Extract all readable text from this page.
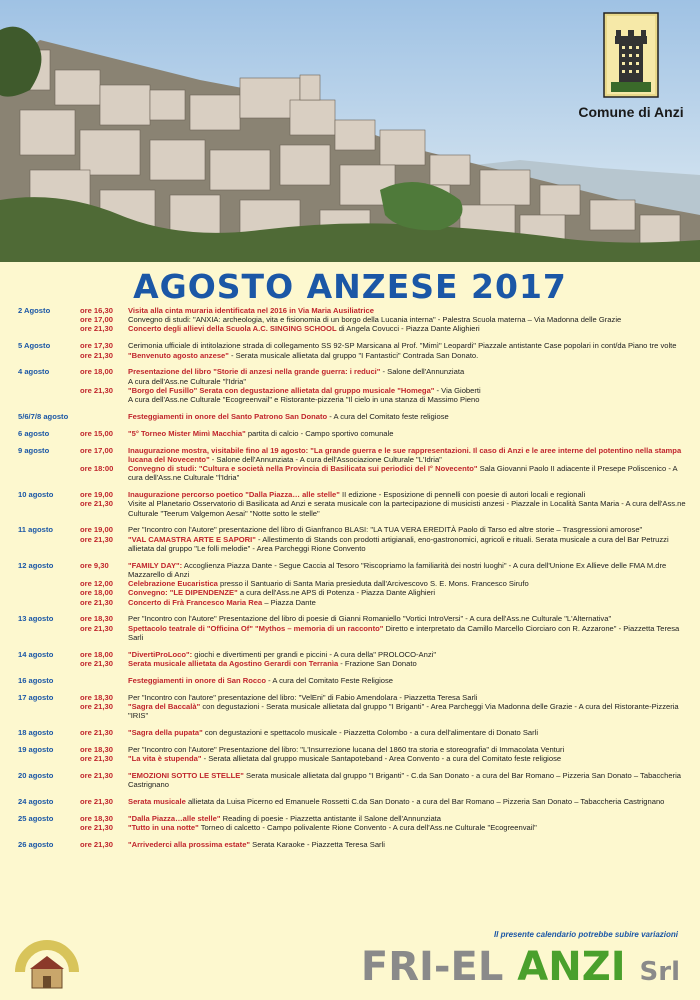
Comune di Anzi
AGOSTO ANZESE 2017
2 Agosto	ore 16,30	Visita alla cinta muraria identificata nel 2016 in Via Maria Ausiliatrice
ore 17,00	Convegno di studi: "ANXIA: archeologia, vita e fisionomia di un borgo della Lucania interna" - Palestra Scuola materna – Via Madonna delle Grazie
ore 21,30	Concerto degli allievi della Scuola A.C. SINGING SCHOOL di Angela Covucci - Piazza Dante Alighieri
5 Agosto	ore 17,30	Cerimonia ufficiale di intitolazione strada di collegamento SS 92-SP Marsicana al Prof. "Mimì" Leopardi" Piazzale antistante Case popolari in cont/da Piano tre volte
ore 21,30	"Benvenuto agosto anzese" - Serata musicale allietata dal gruppo "I Fantastici" Contrada San Donato.
4 agosto	ore 18,00	Presentazione del libro "Storie di anzesi nella grande guerra: i reduci" - Salone dell'Annunziata
A cura dell'Ass.ne Culturale "l'Idria"
ore 21,30	"Borgo del Fusillo" Serata con degustazione allietata dal gruppo musicale "Homega" - Via Gioberti
A cura dell'Ass.ne Culturale "Ecogreenvail" e Ristorante-pizzeria "Il cielo in una stanza di Massimo Pieno
5/6/7/8 agosto	Festeggiamenti in onore del Santo Patrono San Donato - A cura del Comitato feste religiose
6 agosto	ore 15,00	"5° Torneo Mister Mimì Macchia" partita di calcio - Campo sportivo comunale
9 agosto	ore 17,00	Inaugurazione mostra, visitabile fino al 19 agosto: "La grande guerra e le sue rappresentazioni. Il caso di Anzi e le aree interne del potentino nella stampa lucana del Novecento" - Salone dell'Annunziata - A cura dell'Associazione Culturale "L'Idria"
ore 18:00	Convegno di studi: "Cultura e società nella Provincia di Basilicata sui periodici del I° Novecento" Sala Giovanni Paolo II adiacente il Presepe Poliscenico - A cura dell'Ass.ne Culturale "l'Idria"
10 agosto	ore 19,00	Inaugurazione percorso poetico "Dalla Piazza… alle stelle" II edizione - Esposizione di pennelli con poesie di autori locali e regionali
ore 21,30	Visite al Planetario Osservatorio di Basilicata ad Anzi e serata musicale con la partecipazione di musicisti anzesi - Piazzale in Località Santa Maria - A cura dell'Ass.ne Culturale "Teerum Valgemon Aesai" "Notte sotto le stelle"
11 agosto	ore 19,00	Per "Incontro con l'Autore" presentazione del libro di Gianfranco BLASI: "LA TUA VERA EREDITÀ Paolo di Tarso ed altre storie – Trasgressioni amorose"
ore 21,30	"VAL CAMASTRA ARTE E SAPORI" - Allestimento di Stands con prodotti artigianali, eno-gastronomici, agricoli e rituali. Serata musicale a cura del Bar Petruzzi allietata dal gruppo "Le folli melodie" - Area Parcheggi Rione Convento
12 agosto	ore 9,30	"FAMILY DAY": Accoglienza Piazza Dante - Segue Caccia al Tesoro "Riscopriamo la familiarità dei nostri luoghi" - A cura dell'Unione Ex Allieve delle FMA M.dre Mazzarello di Anzi
ore 12,00	Celebrazione Eucaristica presso il Santuario di Santa Maria presieduta dall'Arcivescovo S. E. Mons. Francesco Sirufo
ore 18,00	Convegno: "LE DIPENDENZE" a cura dell'Ass.ne APS di Potenza - Piazza Dante Alighieri
ore 21,30	Concerto di Frà Francesco Maria Rea – Piazza Dante
13 agosto	ore 18,30	Per "Incontro con l'Autore" Presentazione del libro di poesie di Gianni Romaniello "Vortici IntroVersi" - A cura dell'Ass.ne Culturale "L'Alternativa"
ore 21,30	Spettacolo teatrale di "Officina Of" "Mythos – memoria di un racconto" Diretto e interpretato da Camillo Marcello Ciorciaro con R. Azzarone" - Piazzetta Teresa Sarli
14 agosto	ore 18,00	"DivertiProLoco": giochi e divertimenti per grandi e piccini - A cura della" PROLOCO-Anzi"
ore 21,30	Serata musicale allietata da Agostino Gerardi con Terranìa - Frazione San Donato
16 agosto	Festeggiamenti in onore di San Rocco - A cura del Comitato Feste Religiose
17 agosto	ore 18,30	Per "Incontro con l'autore" presentazione del libro: "VelEni" di Fabio Amendolara - Piazzetta Teresa Sarli
ore 21,30	"Sagra del Baccalà" con degustazioni - Serata musicale allietata dal gruppo "I Briganti" - Area Parcheggi Via Madonna delle Grazie - A cura del Ristorante-Pizzeria "IRIS"
18 agosto	ore 21,30	"Sagra della pupata" con degustazioni e spettacolo musicale - Piazzetta Colombo - a cura dell'alimentare di Donato Sarli
19 agosto	ore 18,30	Per "Incontro con l'Autore" Presentazione del libro: "L'Insurrezione lucana del 1860 tra storia e storeografia" di Immacolata Venturi
ore 21,30	"La vita è stupenda" - Serata allietata dal gruppo musicale Santapoteband - Area Convento - a cura del Comitato feste religiose
20 agosto	ore 21,30	"EMOZIONI SOTTO LE STELLE" Serata musicale allietata dal gruppo "I Briganti" - C.da San Donato - a cura del Bar Romano – Pizzeria San Donato – Tabaccheria Castrignano
24 agosto	ore 21,30	Serata musicale allietata da Luisa Picerno ed Emanuele Rossetti C.da San Donato - a cura del Bar Romano – Pizzeria San Donato – Tabaccheria Castrignano
25 agosto	ore 18,30	"Dalla Piazza…alle stelle" Reading di poesie - Piazzetta antistante il Salone dell'Annunziata
ore 21,30	"Tutto in una notte" Torneo di calcetto - Campo polivalente Rione Convento - A cura dell'Ass.ne Culturale "Ecogreenvail"
26 agosto	ore 21,30	"Arrivederci alla prossima estate" Serata Karaoke - Piazzetta Teresa Sarli
Il presente calendario potrebbe subire variazioni
FRI-EL ANZI Srl
